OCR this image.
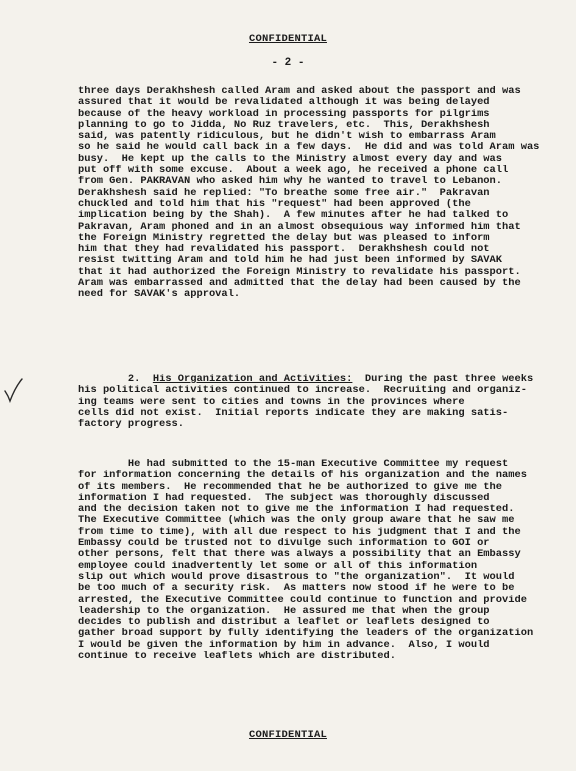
CONFIDENTIAL
- 2 -
three days Derakhshesh called Aram and asked about the passport and was
assured that it would be revalidated although it was being delayed
because of the heavy workload in processing passports for pilgrims
planning to go to Jidda, No Ruz travelers, etc.  This, Derakhshesh
said, was patently ridiculous, but he didn't wish to embarrass Aram
so he said he would call back in a few days.  He did and was told Aram was
busy.  He kept up the calls to the Ministry almost every day and was
put off with some excuse.  About a week ago, he received a phone call
from Gen. PAKRAVAN who asked him why he wanted to travel to Lebanon.
Derakhshesh said he replied: "To breathe some free air."  Pakravan
chuckled and told him that his "request" had been approved (the
implication being by the Shah).  A few minutes after he had talked to
Pakravan, Aram phoned and in an almost obsequious way informed him that
the Foreign Ministry regretted the delay but was pleased to inform
him that they had revalidated his passport.  Derakhshesh could not
resist twitting Aram and told him he had just been informed by SAVAK
that it had authorized the Foreign Ministry to revalidate his passport.
Aram was embarrassed and admitted that the delay had been caused by the
need for SAVAK's approval.
2. His Organization and Activities: During the past three weeks
his political activities continued to increase.  Recruiting and organiz-
ing teams were sent to cities and towns in the provinces where
cells did not exist.  Initial reports indicate they are making satis-
factory progress.
He had submitted to the 15-man Executive Committee my request
for information concerning the details of his organization and the names
of its members.  He recommended that he be authorized to give me the
information I had requested.  The subject was thoroughly discussed
and the decision taken not to give me the information I had requested.
The Executive Committee (which was the only group aware that he saw me
from time to time), with all due respect to his judgment that I and the
Embassy could be trusted not to divulge such information to GOI or
other persons, felt that there was always a possibility that an Embassy
employee could inadvertently let some or all of this information
slip out which would prove disastrous to "the organization".  It would
be too much of a security risk.  As matters now stood if he were to be
arrested, the Executive Committee could continue to function and provide
leadership to the organization.  He assured me that when the group
decides to publish and distribut a leaflet or leaflets designed to
gather broad support by fully identifying the leaders of the organization
I would be given the information by him in advance.  Also, I would
continue to receive leaflets which are distributed.
CONFIDENTIAL
